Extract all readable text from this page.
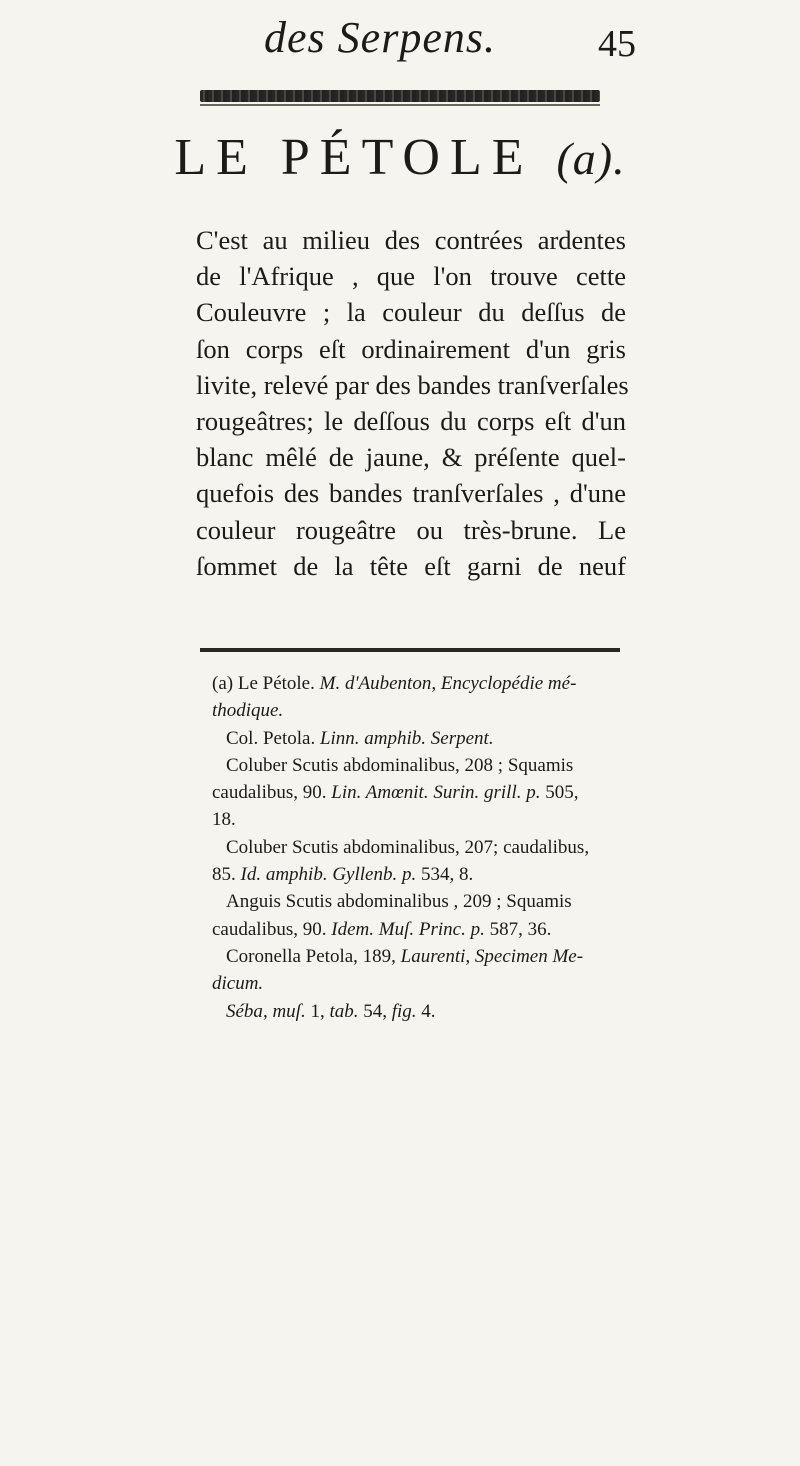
des Serpens.	45
LE PÉTOLE (a).
C'est au milieu des contrées ardentes
de l'Afrique , que l'on trouve cette
Couleuvre ; la couleur du deſſus de
ſon corps eſt ordinairement d'un gris
livite, relevé par des bandes tranſverſales
rougeâtres; le deſſous du corps eſt d'un
blanc mêlé de jaune, & préſente quel-
quefois des bandes tranſverſales , d'une
couleur rougeâtre ou très-brune. Le
ſommet de la tête eſt garni de neuf
(a) Le Pétole. M. d'Aubenton, Encyclopédie mé-
thodique.
Col. Petola. Linn. amphib. Serpent.
Coluber Scutis abdominalibus, 208 ; Squamis
caudalibus, 90. Lin. Amœnit. Surin. grill. p. 505,
18.
Coluber Scutis abdominalibus, 207; caudalibus,
85. Id. amphib. Gyllenb. p. 534, 8.
Anguis Scutis abdominalibus , 209 ; Squamis
caudalibus, 90. Idem. Muſ. Princ. p. 587, 36.
Coronella Petola, 189, Laurenti, Specimen Me-
dicum.
Séba, muſ. 1, tab. 54, fig. 4.
